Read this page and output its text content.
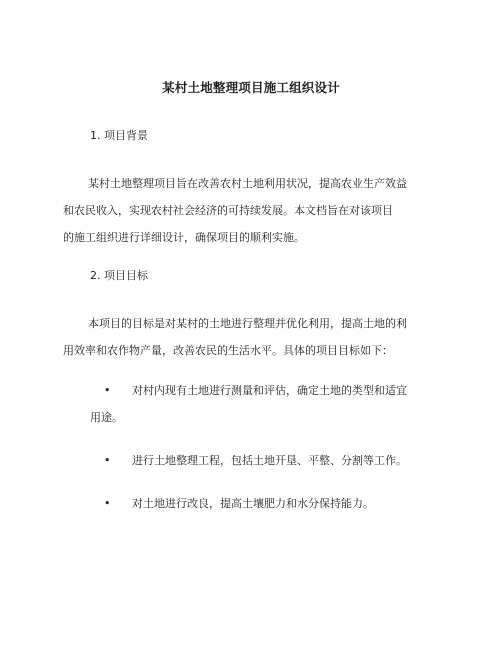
某村土地整理项目施工组织设计
1. 项目背景
某村土地整理项目旨在改善农村土地利用状况，提高农业生产效益
和农民收入，实现农村社会经济的可持续发展。本文档旨在对该项目
的施工组织进行详细设计，确保项目的顺利实施。
2. 项目目标
本项目的目标是对某村的土地进行整理并优化利用，提高土地的利
用效率和农作物产量，改善农民的生活水平。具体的项目目标如下：
• 对村内现有土地进行测量和评估，确定土地的类型和适宜
用途。
• 进行土地整理工程，包括土地开垦、平整、分割等工作。
• 对土地进行改良，提高土壤肥力和水分保持能力。
